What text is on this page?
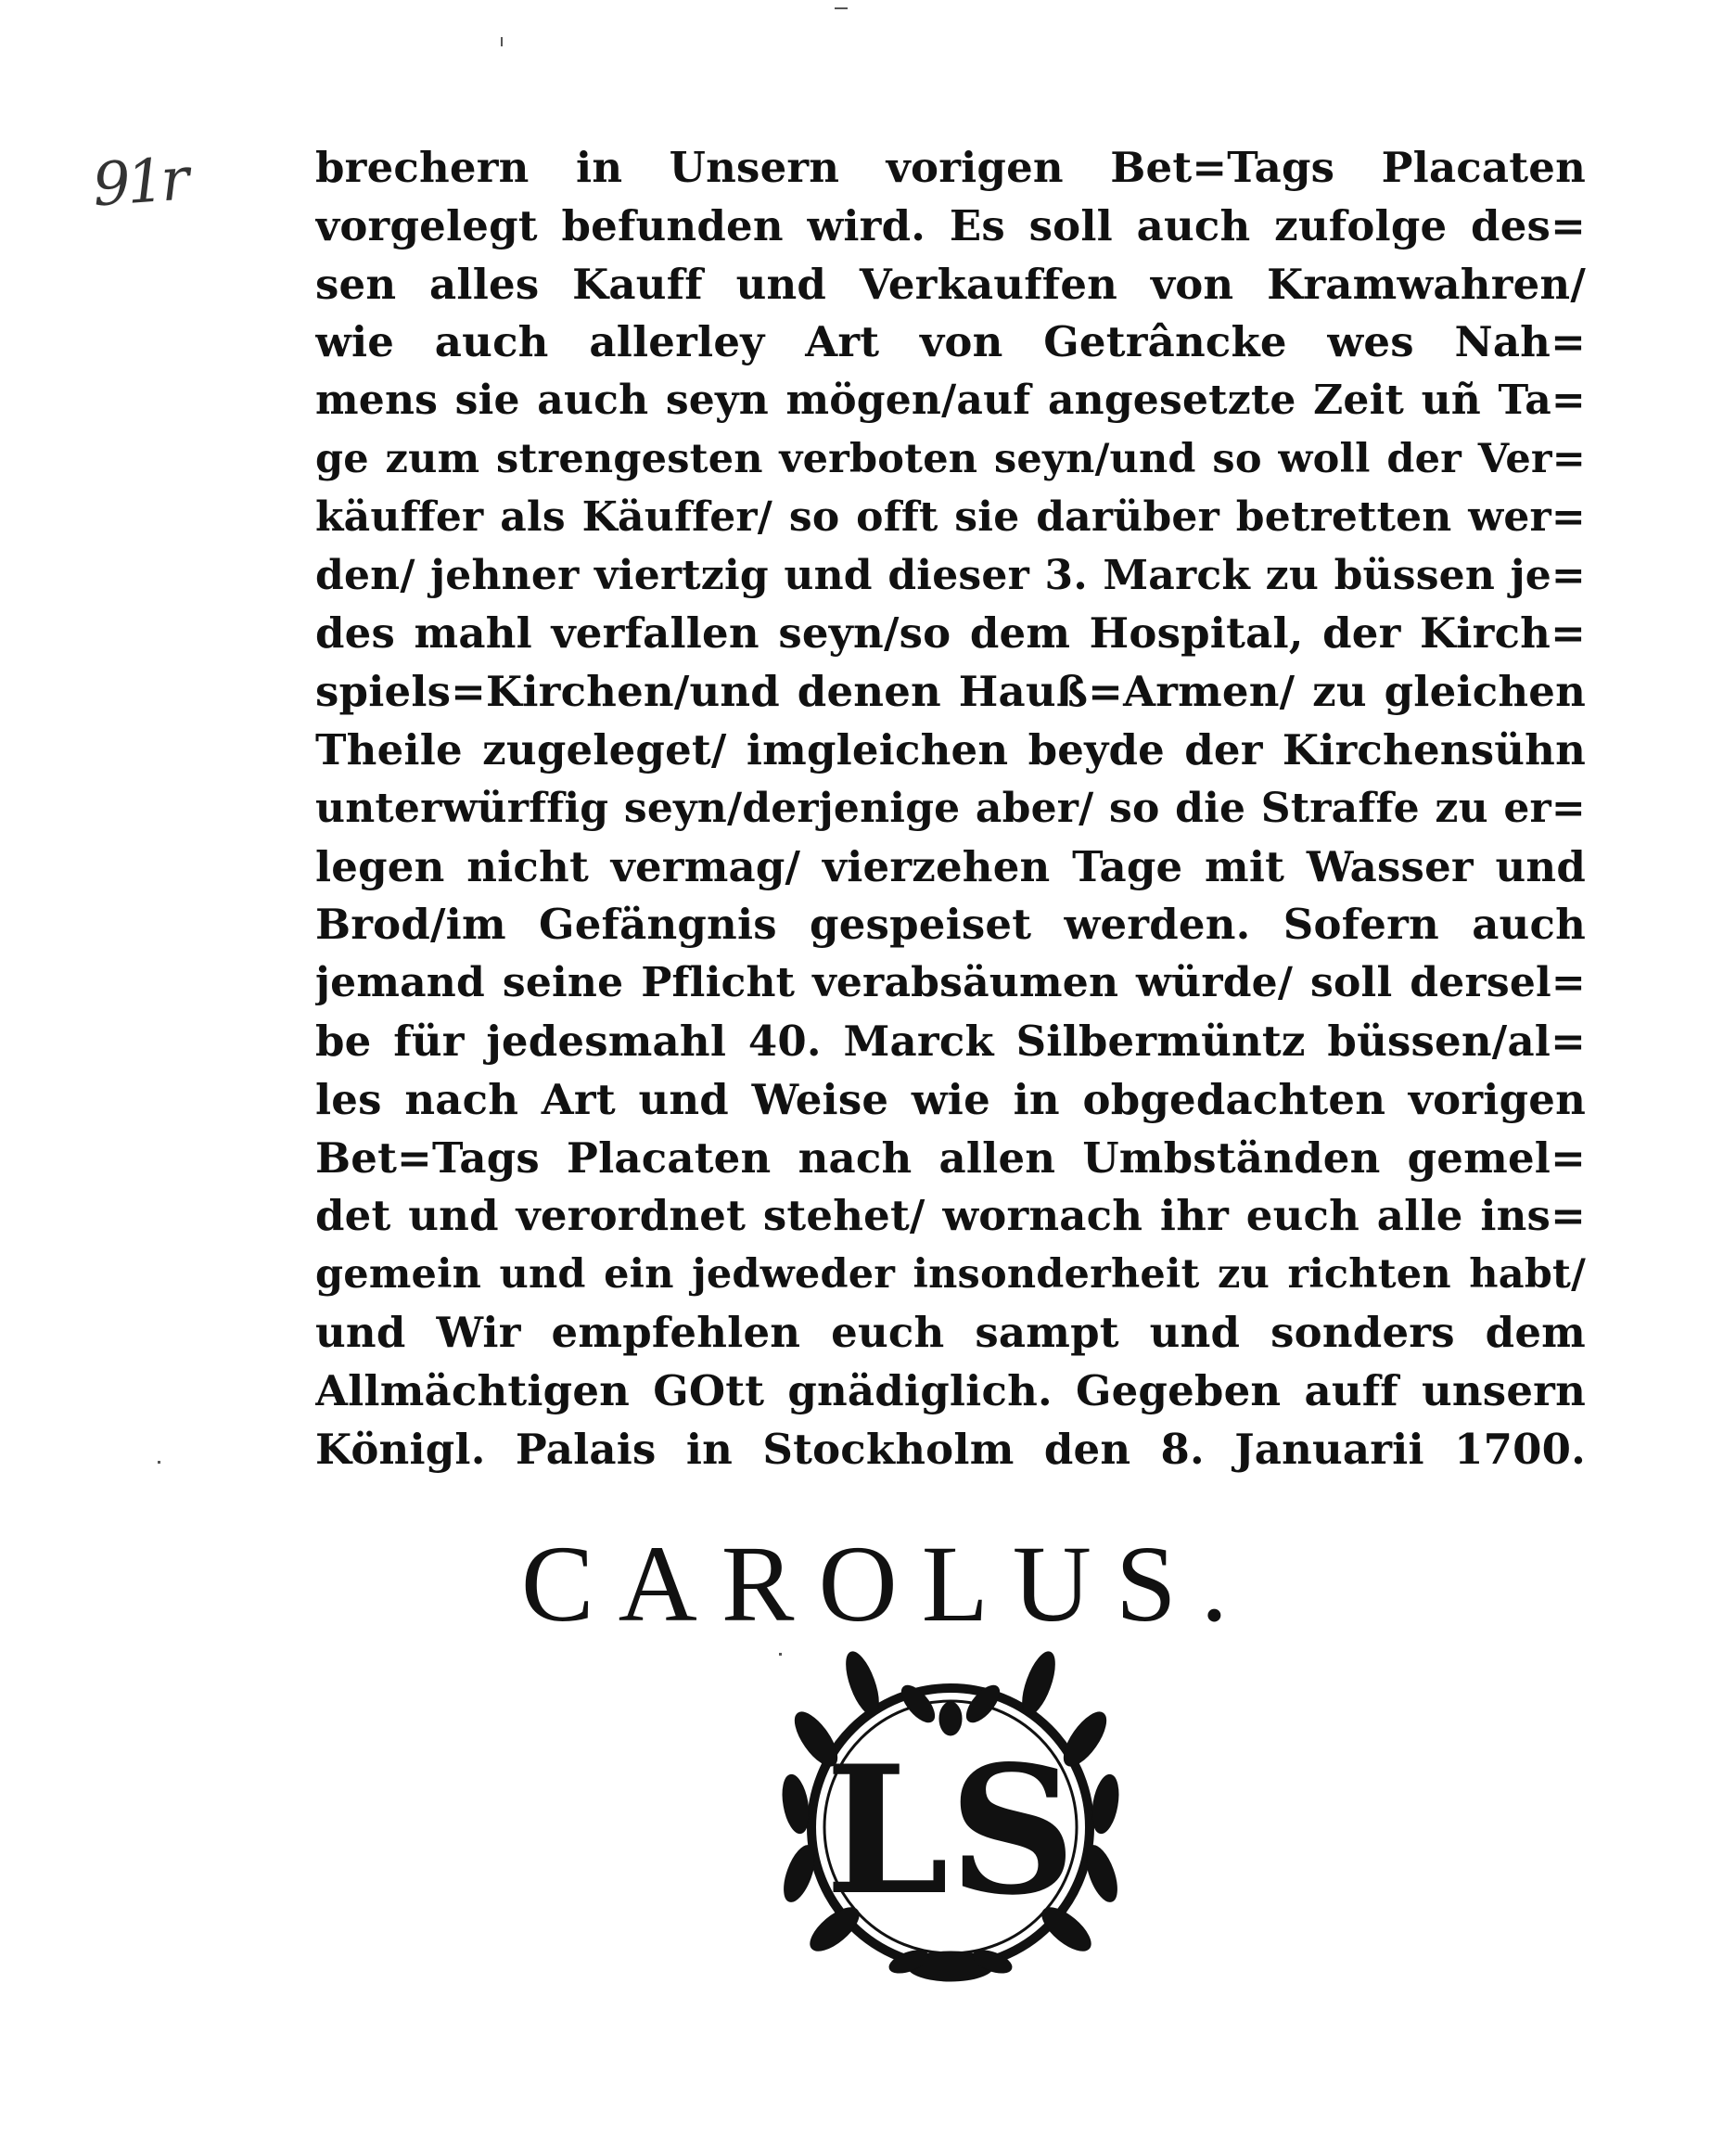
91r	brechern in Unsern vorigen Bet=Tags Placaten
vorgelegt befunden wird. Es soll auch zufolge des=
sen alles Kauff und Verkauffen von Kramwahren/
wie auch allerley Art von Getrâncke wes Nah=
mens sie auch seyn mögen/auf angesetzte Zeit uñ Ta=
ge zum strengesten verboten seyn/und so woll der Ver=
käuffer als Käuffer/ so offt sie darüber betretten wer=
den/ jehner viertzig und dieser 3. Marck zu büssen je=
des mahl verfallen seyn/so dem Hospital, der Kirch=
spiels=Kirchen/und denen Hauß=Armen/ zu gleichen
Theile zugeleget/ imgleichen beyde der Kirchensühn
unterwürffig seyn/derjenige aber/ so die Straffe zu er=
legen nicht vermag/ vierzehen Tage mit Wasser und
Brod/im Gefängnis gespeiset werden. Sofern auch
jemand seine Pflicht verabsäumen würde/ soll dersel=
be für jedesmahl 40. Marck Silbermüntz büssen/al=
les nach Art und Weise wie in obgedachten vorigen
Bet=Tags Placaten nach allen Umbständen gemel=
det und verordnet stehet/ wornach ihr euch alle ins=
gemein und ein jedweder insonderheit zu richten habt/
und Wir empfehlen euch sampt und sonders dem
Allmächtigen GOtt gnädiglich. Gegeben auff unsern
Königl. Palais in Stockholm den 8. Januarii 1700.
CAROLUS.
LS
